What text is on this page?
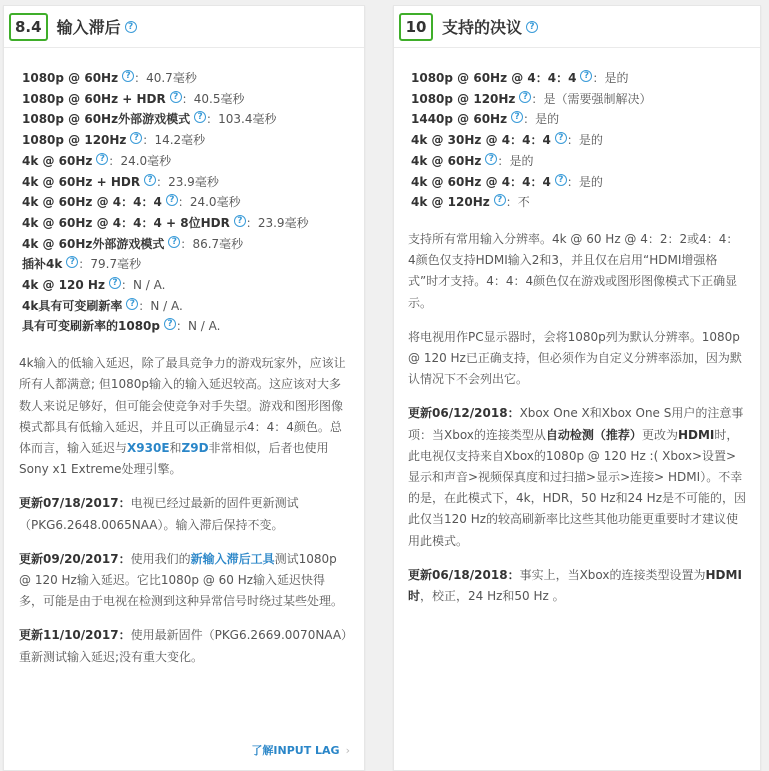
8.4 输入滞后 ?
1080p @ 60Hz ? ：40.7毫秒
1080p @ 60Hz + HDR ? ：40.5毫秒
1080p @ 60Hz外部游戏模式 ? ：103.4毫秒
1080p @ 120Hz ? ：14.2毫秒
4k @ 60Hz ? ：24.0毫秒
4k @ 60Hz + HDR ? ：23.9毫秒
4k @ 60Hz @ 4：4：4 ? ：24.0毫秒
4k @ 60Hz @ 4：4：4 + 8位HDR ? ：23.9毫秒
4k @ 60Hz外部游戏模式 ? ：86.7毫秒
插补4k ? ：79.7毫秒
4k @ 120 Hz ? ：N / A.
4k具有可变刷新率 ? ：N / A.
具有可变刷新率的1080p ? ：N / A.

4k输入的低输入延迟，除了最具竞争力的游戏玩家外，应该让所有人都满意; 但1080p输入的输入延迟较高。这应该对大多数人来说足够好，但可能会使竞争对手失望。游戏和图形图像模式都具有低输入延迟，并且可以正确显示4：4：4颜色。总体而言，输入延迟与X930E和Z9D非常相似，后者也使用Sony x1 Extreme处理引擎。

更新07/18/2017：电视已经过最新的固件更新测试（PKG6.2648.0065NAA）。输入滞后保持不变。

更新09/20/2017：使用我们的新输入滞后工具测试1080p @ 120 Hz输入延迟。它比1080p @ 60 Hz输入延迟快得多，可能是由于电视在检测到这种异常信号时绕过某些处理。

更新11/10/2017：使用最新固件（PKG6.2669.0070NAA）重新测试输入延迟;没有重大变化。

了解INPUT LAG ›
10 支持的决议 ?
1080p @ 60Hz @ 4：4：4 ? ：是的
1080p @ 120Hz ? ：是（需要强制解决）
1440p @ 60Hz ? ：是的
4k @ 30Hz @ 4：4：4 ? ：是的
4k @ 60Hz ? ：是的
4k @ 60Hz @ 4：4：4 ? ：是的
4k @ 120Hz ? ：不

支持所有常用输入分辨率。4k @ 60 Hz @ 4：2：2或4：4：4颜色仅支持HDMI输入2和3，并且仅在启用“HDMI增强格式”时才支持。4：4：4颜色仅在游戏或图形图像模式下正确显示。

将电视用作PC显示器时，会将1080p列为默认分辨率。1080p @ 120 Hz已正确支持，但必须作为自定义分辨率添加，因为默认情况下不会列出它。

更新06/12/2018：Xbox One X和Xbox One S用户的注意事项：当Xbox的连接类型从自动检测（推荐）更改为HDMI时，此电视仅支持来自Xbox的1080p @ 120 Hz :( Xbox>设置>显示和声音>视频保真度和过扫描>显示>连接> HDMI）。不幸的是，在此模式下，4k，HDR，50 Hz和24 Hz是不可能的，因此仅当120 Hz的较高刷新率比这些其他功能更重要时才建议使用此模式。

更新06/18/2018：事实上，当Xbox的连接类型设置为HDMI时，校正，24 Hz和50 Hz 。
